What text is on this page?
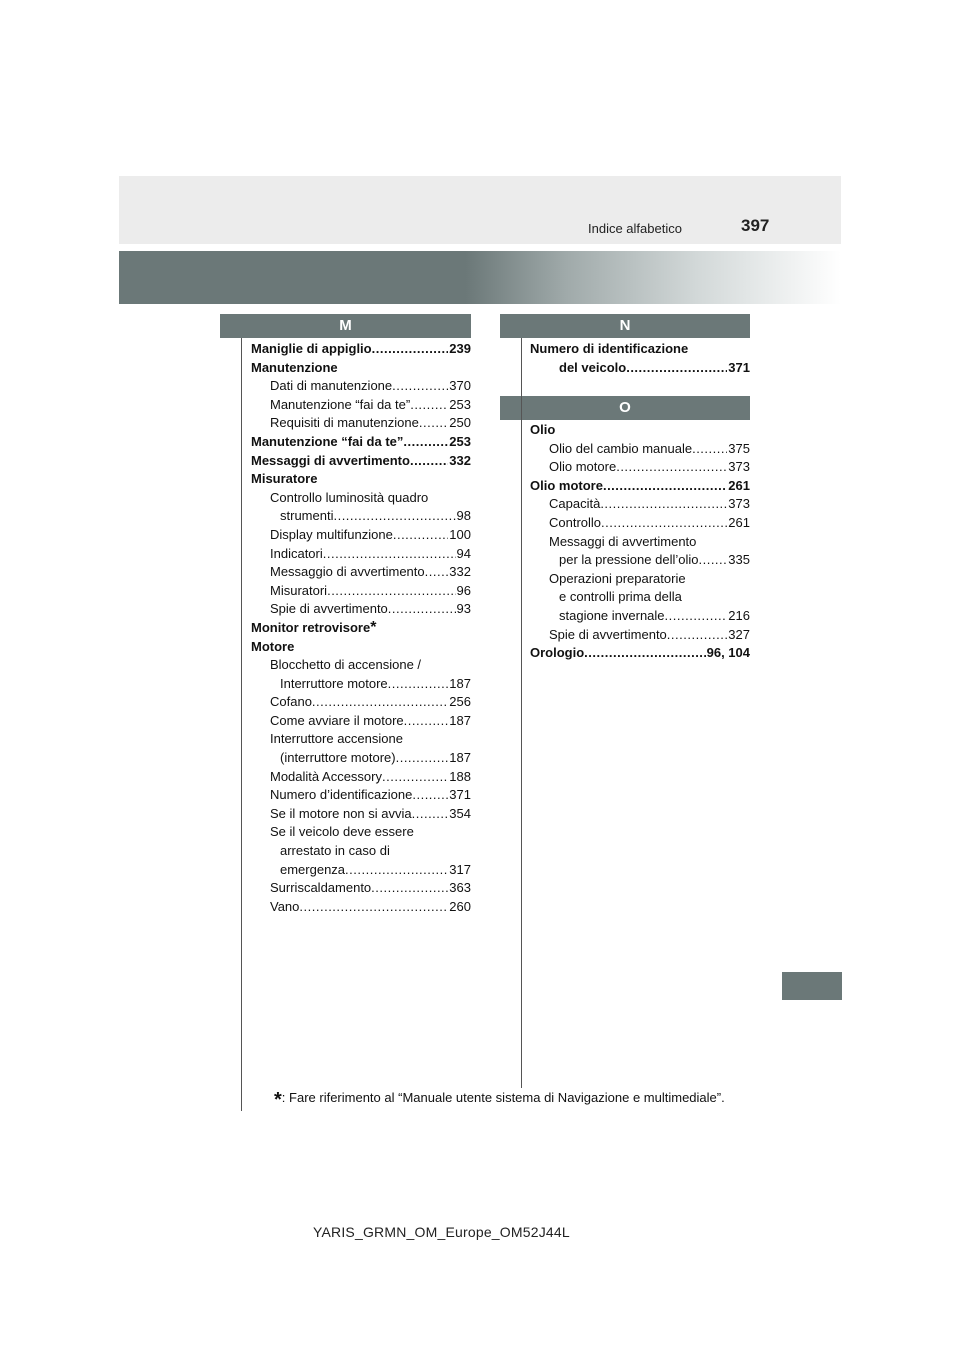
Indice alfabetico	397
M	N
O
Maniglie di appiglio .....	239
Manutenzione
Dati di manutenzione .....	370
Manutenzione “fai da te” .....	253
Requisiti di manutenzione ..... 250
Manutenzione “fai da te” .....	253
Messaggi di avvertimento .....	332
Misuratore
Controllo luminosità quadro
strumenti .....	98
Display multifunzione .....	100
Indicatori .....	94
Messaggio di avvertimento ..... 332
Misuratori .....	96
Spie di avvertimento .....	93
Monitor retrovisore *
Motore
Blocchetto di accensione /
Interruttore motore .....	187
Cofano .....	256
Come avviare il motore .....	187
Interruttore accensione
(interruttore motore) .....	187
Modalità Accessory .....	188
Numero d’identificazione .....	371
Se il motore non si avvia .....	354
Se il veicolo deve essere
arrestato in caso di
emergenza .....	317
Surriscaldamento .....	363
Vano .....	260
Numero di identificazione
del veicolo .....	371
Olio
Olio del cambio manuale .....	375
Olio motore .....	373
Olio motore .....	261
Capacità .....	373
Controllo .....	261
Messaggi di avvertimento
per la pressione dell’olio ..... 335
Operazioni preparatorie
e controlli prima della
stagione invernale .....	216
Spie di avvertimento .....	327
Orologio .....	96, 104
*: Fare riferimento al “Manuale utente sistema di Navigazione e multimediale”.
YARIS_GRMN_OM_Europe_OM52J44L
